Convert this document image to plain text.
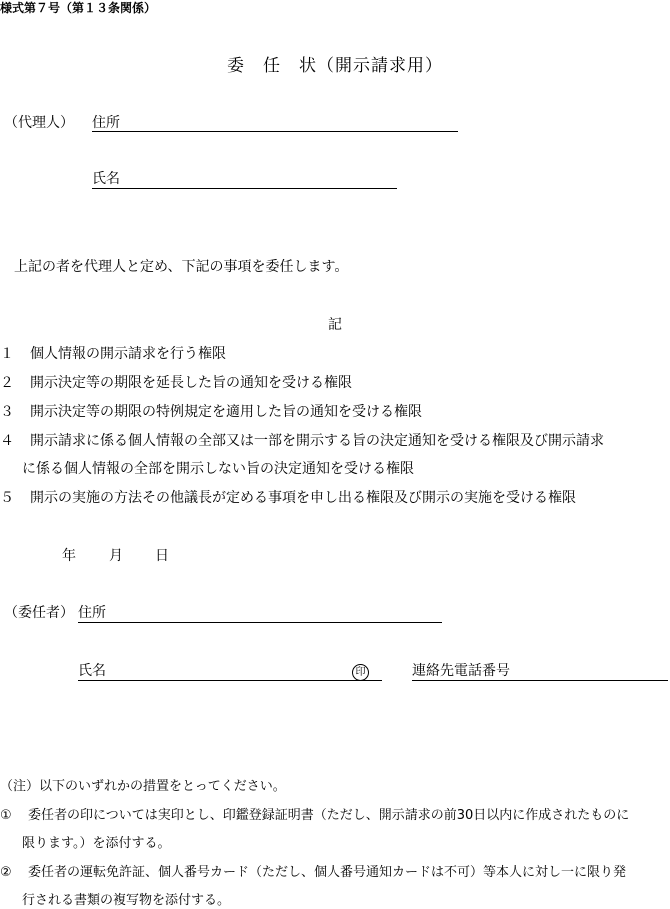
様式第７号（第１３条関係）
委　任　状（開示請求用）
（代理人） 住所
氏名
上記の者を代理人と定め、下記の事項を委任します。
記
１ 個人情報の開示請求を行う権限
２ 開示決定等の期限を延長した旨の通知を受ける権限
３ 開示決定等の期限の特例規定を適用した旨の通知を受ける権限
４ 開示請求に係る個人情報の全部又は一部を開示する旨の決定通知を受ける権限及び開示請求
に係る個人情報の全部を開示しない旨の決定通知を受ける権限
５ 開示の実施の方法その他議長が定める事項を申し出る権限及び開示の実施を受ける権限
年 月 日
（委任者） 住所
氏名	印	連絡先電話番号
（注）以下のいずれかの措置をとってください。
① 委任者の印については実印とし、印鑑登録証明書（ただし、開示請求の前30日以内に作成されたものに
限ります。）を添付する。
② 委任者の運転免許証、個人番号カード（ただし、個人番号通知カードは不可）等本人に対し一に限り発
行される書類の複写物を添付する。
